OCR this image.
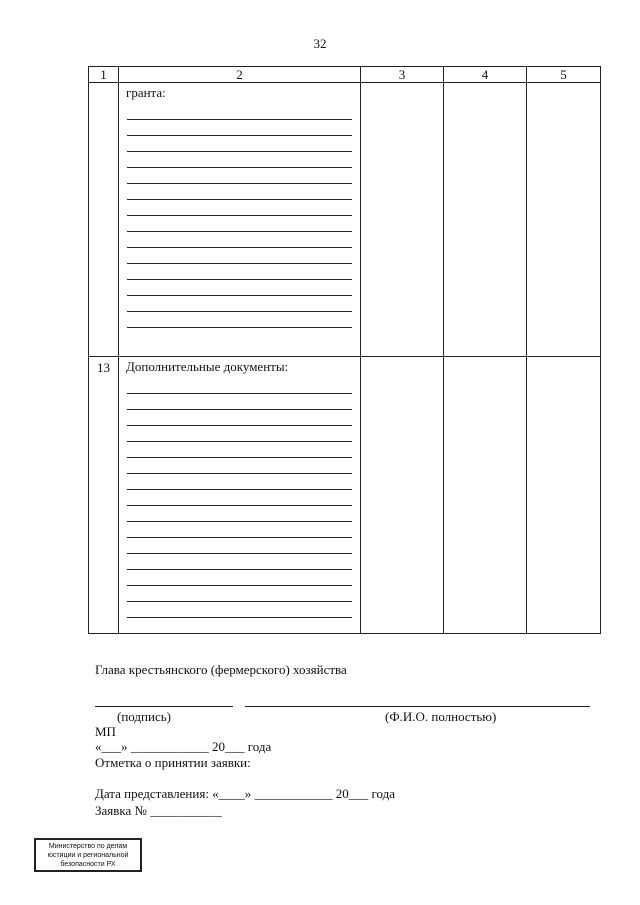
32
1	2	3	4	5

	гранта:			

13	Дополнительные документы:			

Глава крестьянского (фермерского) хозяйства
(подпись)	(Ф.И.О. полностью)
МП
«___» ____________ 20___ года
Отметка о принятии заявки:
Дата представления: «____» ____________ 20___ года
Заявка № ___________
Министерство по делам
юстиции и региональной
безопасности РХ
